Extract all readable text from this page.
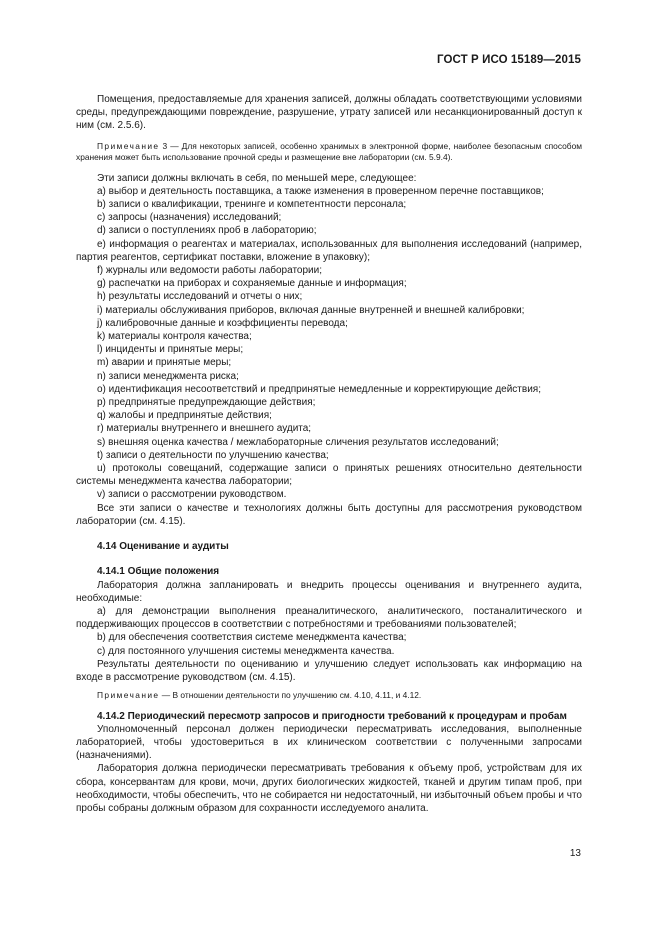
ГОСТ Р ИСО 15189—2015

Помещения, предоставляемые для хранения записей, должны обладать соответствующими условиями среды, предупреждающими повреждение, разрушение, утрату записей или несанкционированный доступ к ним (см. 2.5.6).

Примечание 3 — Для некоторых записей, особенно хранимых в электронной форме, наиболее безопасным способом хранения может быть использование прочной среды и размещение вне лаборатории (см. 5.9.4).

Эти записи должны включать в себя, по меньшей мере, следующее:

a) выбор и деятельность поставщика, а также изменения в проверенном перечне поставщиков;

b) записи о квалификации, тренинге и компетентности персонала;

c) запросы (назначения) исследований;

d) записи о поступлениях проб в лабораторию;

e) информация о реагентах и материалах, использованных для выполнения исследований (например, партия реагентов, сертификат поставки, вложение в упаковку);

f) журналы или ведомости работы лаборатории;

g) распечатки на приборах и сохраняемые данные и информация;

h) результаты исследований и отчеты о них;

i) материалы обслуживания приборов, включая данные внутренней и внешней калибровки;

j) калибровочные данные и коэффициенты перевода;

k) материалы контроля качества;

l) инциденты и принятые меры;

m) аварии и принятые меры;

n) записи менеджмента риска;

o) идентификация несоответствий и предпринятые немедленные и корректирующие действия;

p) предпринятые предупреждающие действия;

q) жалобы и предпринятые действия;

r) материалы внутреннего и внешнего аудита;

s) внешняя оценка качества / межлабораторные сличения результатов исследований;

t) записи о деятельности по улучшению качества;

u) протоколы совещаний, содержащие записи о принятых решениях относительно деятельности системы менеджмента качества лаборатории;

v) записи о рассмотрении руководством.

Все эти записи о качестве и технологиях должны быть доступны для рассмотрения руководством лаборатории (см. 4.15).

4.14 Оценивание и аудиты

4.14.1 Общие положения

Лаборатория должна запланировать и внедрить процессы оценивания и внутреннего аудита, необходимые:

a) для демонстрации выполнения преаналитического, аналитического, постаналитического и поддерживающих процессов в соответствии с потребностями и требованиями пользователей;

b) для обеспечения соответствия системе менеджмента качества;

c) для постоянного улучшения системы менеджмента качества.

Результаты деятельности по оцениванию и улучшению следует использовать как информацию на входе в рассмотрение руководством (см. 4.15).

Примечание — В отношении деятельности по улучшению см. 4.10, 4.11, и 4.12.

4.14.2 Периодический пересмотр запросов и пригодности требований к процедурам и пробам

Уполномоченный персонал должен периодически пересматривать исследования, выполненные лабораторией, чтобы удостовериться в их клиническом соответствии с полученными запросами (назначениями).

Лаборатория должна периодически пересматривать требования к объему проб, устройствам для их сбора, консервантам для крови, мочи, других биологических жидкостей, тканей и другим типам проб, при необходимости, чтобы обеспечить, что не собирается ни недостаточный, ни избыточный объем пробы и что пробы собраны должным образом для сохранности исследуемого аналита.

13
